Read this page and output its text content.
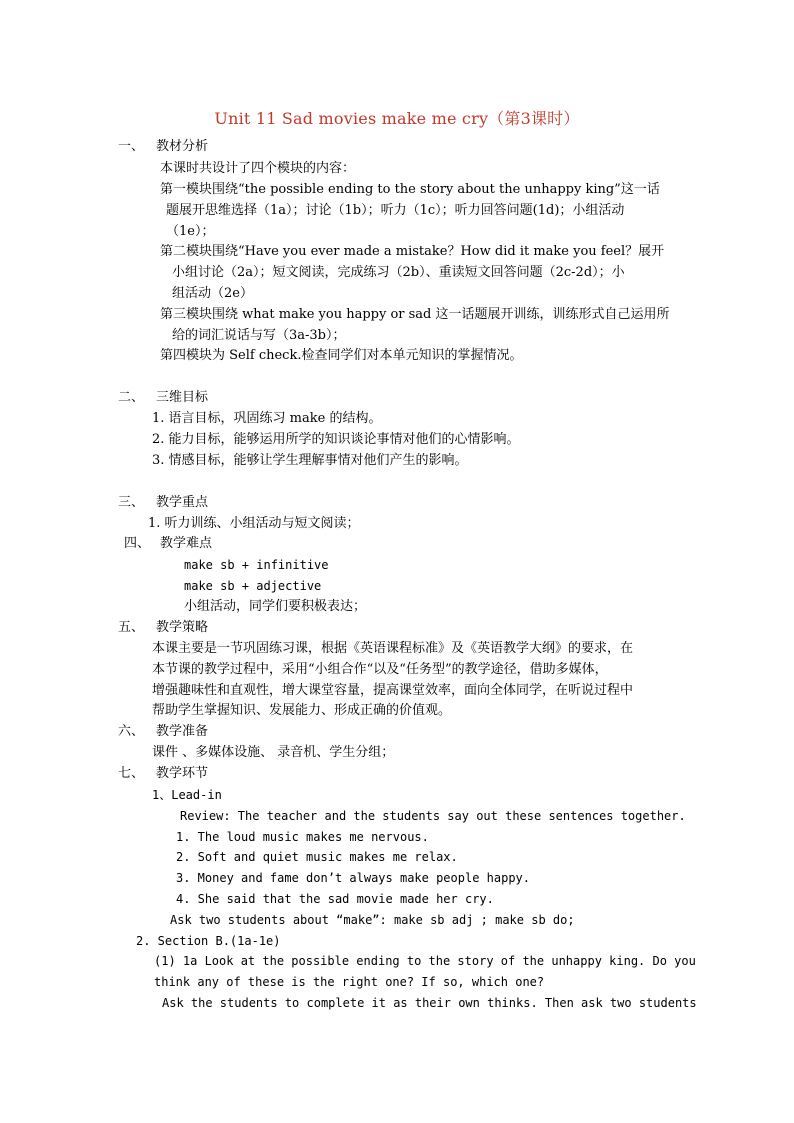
Unit 11 Sad movies make me cry（第3课时）
一、 教材分析
本课时共设计了四个模块的内容：
第一模块围绕“the possible ending to the story about the unhappy king”这一话
题展开思维选择（1a）；讨论（1b）；听力（1c）；听力回答问题(1d)；小组活动
（1e）；
第二模块围绕“Have you ever made a mistake？How did it make you feel？展开
小组讨论（2a）；短文阅读，完成练习（2b）、重读短文回答问题（2c-2d）；小
组活动（2e）
第三模块围绕 what make you happy or sad 这一话题展开训练，训练形式自己运用所
给的词汇说话与写（3a-3b）；
第四模块为 Self check.检查同学们对本单元知识的掌握情况。
二、 三维目标
1. 语言目标，巩固练习 make 的结构。
2. 能力目标，能够运用所学的知识谈论事情对他们的心情影响。
3. 情感目标，能够让学生理解事情对他们产生的影响。
三、 教学重点
1. 听力训练、小组活动与短文阅读；
四、 教学难点
make sb + infinitive
make sb + adjective
小组活动，同学们要积极表达；
五、 教学策略
本课主要是一节巩固练习课，根据《英语课程标准》及《英语教学大纲》的要求，在
本节课的教学过程中，采用“小组合作“以及“任务型”的教学途径，借助多媒体，
增强趣味性和直观性，增大课堂容量，提高课堂效率，面向全体同学，在听说过程中
帮助学生掌握知识、发展能力、形成正确的价值观。
六、 教学准备
课件 、多媒体设施、 录音机、学生分组；
七、 教学环节
1、Lead-in
Review: The teacher and the students say out these sentences together.
1. The loud music makes me nervous.
2. Soft and quiet music makes me relax.
3. Money and fame don’t always make people happy.
4. She said that the sad movie made her cry.
Ask two students about “make”: make sb adj ; make sb do;
2. Section B.(1a-1e)
(1) 1a Look at the possible ending to the story of the unhappy king. Do you
think any of these is the right one? If so, which one?
Ask the students to complete it as their own thinks. Then ask two students
